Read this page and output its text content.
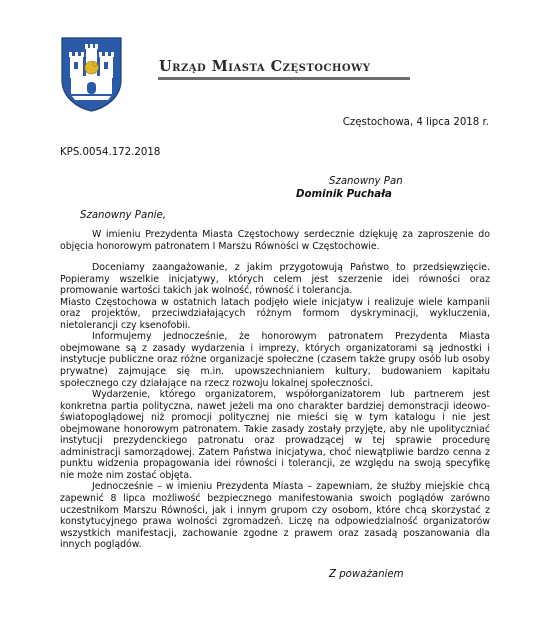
Urząd Miasta Częstochowy
Częstochowa, 4 lipca 2018 r.
KPS.0054.172.2018
Szanowny Pan
Dominik Puchała
Szanowny Panie,

W imieniu Prezydenta Miasta Częstochowy serdecznie dziękuję za zaproszenie do objęcia honorowym patronatem I Marszu Równości w Częstochowie.

Doceniamy zaangażowanie, z jakim przygotowują Państwo to przedsięwzięcie. Popieramy wszelkie inicjatywy, których celem jest szerzenie idei równości oraz promowanie wartości takich jak wolność, równość i tolerancja.

Miasto Częstochowa w ostatnich latach podjęło wiele inicjatyw i realizuje wiele kampanii oraz projektów, przeciwdziałających różnym formom dyskryminacji, wykluczenia, nietolerancji czy ksenofobii.

Informujemy jednocześnie, że honorowym patronatem Prezydenta Miasta obejmowane są z zasady wydarzenia i imprezy, których organizatorami są jednostki i instytucje publiczne oraz różne organizacje społeczne (czasem także grupy osób lub osoby prywatne) zajmujące się m.in. upowszechnianiem kultury, budowaniem kapitału społecznego czy działające na rzecz rozwoju lokalnej społeczności.

Wydarzenie, którego organizatorem, współorganizatorem lub partnerem jest konkretna partia polityczna, nawet jeżeli ma ono charakter bardziej demonstracji ideowo-światopoglądowej niż promocji politycznej nie mieści się w tym katalogu i nie jest obejmowane honorowym patronatem. Takie zasady zostały przyjęte, aby nie upolityczniać instytucji prezydenckiego patronatu oraz prowadzącej w tej sprawie procedurę administracji samorządowej. Zatem Państwa inicjatywa, choć niewątpliwie bardzo cenna z punktu widzenia propagowania idei równości i tolerancji, ze względu na swoją specyfikę nie może nim zostać objęta.

Jednocześnie – w imieniu Prezydenta Miasta – zapewniam, że służby miejskie chcą zapewnić 8 lipca możliwość bezpiecznego manifestowania swoich poglądów zarówno uczestnikom Marszu Równości, jak i innym grupom czy osobom, które chcą skorzystać z konstytucyjnego prawa wolności zgromadzeń. Liczę na odpowiedzialność organizatorów wszystkich manifestacji, zachowanie zgodne z prawem oraz zasadą poszanowania dla innych poglądów.

Z poważaniem
